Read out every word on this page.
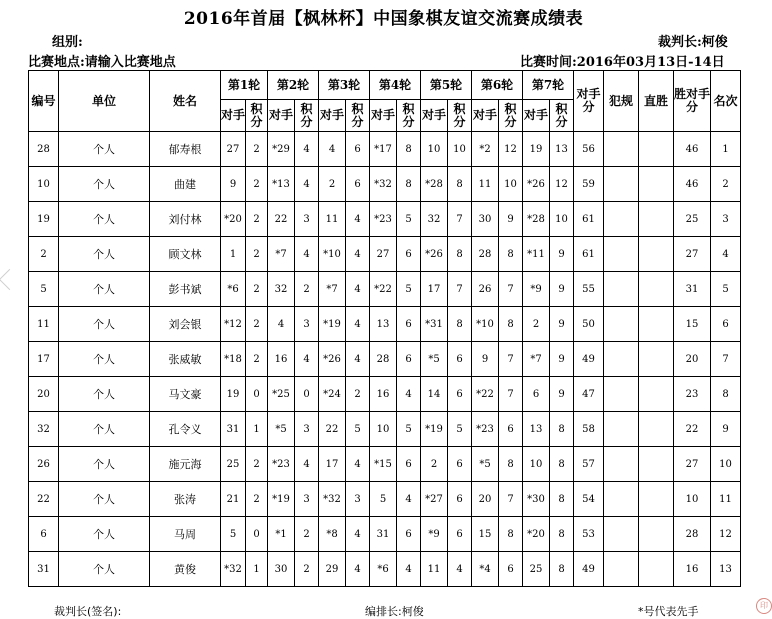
2016年首届【枫林杯】中国象棋友谊交流赛成绩表
组别:
比赛地点:请输入比赛地点
裁判长:柯俊
比赛时间:2016年03月13日-14日
编号	单位	姓名	第1轮		第2轮		第3轮		第4轮		第5轮		第6轮		第7轮		对手分	犯规	直胜	胜对手分	名次
			对手	积分	对手	积分	对手	积分	对手	积分	对手	积分	对手	积分	对手	积分					
28	个人	郁寿根	27	2	*29	4	4	6	*17	8	10	10	*2	12	19	13	56			46	1
10	个人	曲建	9	2	*13	4	2	6	*32	8	*28	8	11	10	*26	12	59			46	2
19	个人	刘付林	*20	2	22	3	11	4	*23	5	32	7	30	9	*28	10	61			25	3
2	个人	顾文林	1	2	*7	4	*10	4	27	6	*26	8	28	8	*11	9	61			27	4
5	个人	彭书斌	*6	2	32	2	*7	4	*22	5	17	7	26	7	*9	9	55			31	5
11	个人	刘会银	*12	2	4	3	*19	4	13	6	*31	8	*10	8	2	9	50			15	6
17	个人	张威敏	*18	2	16	4	*26	4	28	6	*5	6	9	7	*7	9	49			20	7
20	个人	马文豪	19	0	*25	0	*24	2	16	4	14	6	*22	7	6	9	47			23	8
32	个人	孔令义	31	1	*5	3	22	5	10	5	*19	5	*23	6	13	8	58			22	9
26	个人	施元海	25	2	*23	4	17	4	*15	6	2	6	*5	8	10	8	57			27	10
22	个人	张涛	21	2	*19	3	*32	3	5	4	*27	6	20	7	*30	8	54			10	11
6	个人	马周	5	0	*1	2	*8	4	31	6	*9	6	15	8	*20	8	53			28	12
31	个人	黄俊	*32	1	30	2	29	4	*6	4	11	4	*4	6	25	8	49			16	13
裁判长(签名):	编排长:柯俊	*号代表先手	印
